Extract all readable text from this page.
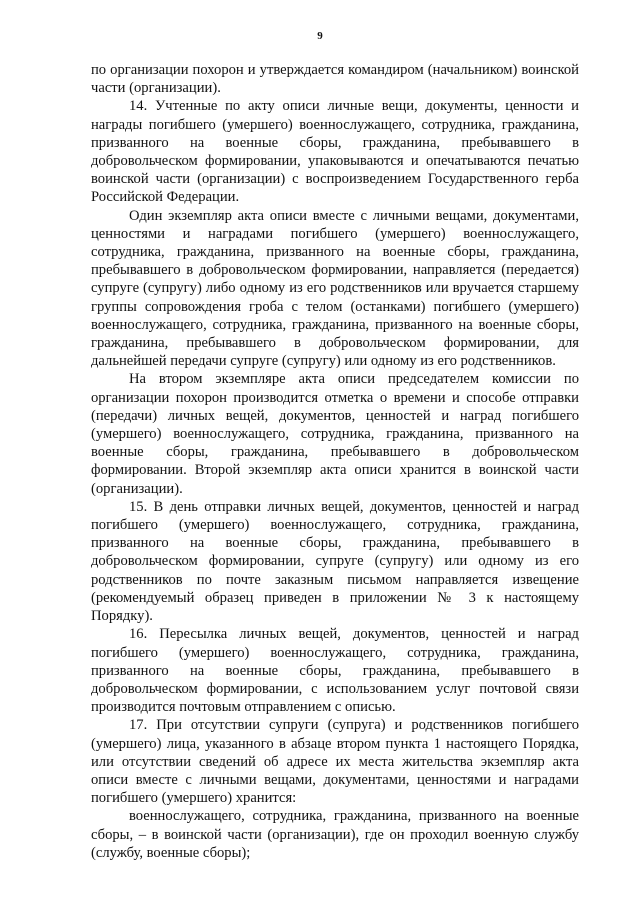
9

по организации похорон и утверждается командиром (начальником) воинской части (организации).

14. Учтенные по акту описи личные вещи, документы, ценности и награды погибшего (умершего) военнослужащего, сотрудника, гражданина, призванного на военные сборы, гражданина, пребывавшего в добровольческом формировании, упаковываются и опечатываются печатью воинской части (организации) с воспроизведением Государственного герба Российской Федерации.

Один экземпляр акта описи вместе с личными вещами, документами, ценностями и наградами погибшего (умершего) военнослужащего, сотрудника, гражданина, призванного на военные сборы, гражданина, пребывавшего в добровольческом формировании, направляется (передается) супруге (супругу) либо одному из его родственников или вручается старшему группы сопровождения гроба с телом (останками) погибшего (умершего) военнослужащего, сотрудника, гражданина, призванного на военные сборы, гражданина, пребывавшего в добровольческом формировании, для дальнейшей передачи супруге (супругу) или одному из его родственников.

На втором экземпляре акта описи председателем комиссии по организации похорон производится отметка о времени и способе отправки (передачи) личных вещей, документов, ценностей и наград погибшего (умершего) военнослужащего, сотрудника, гражданина, призванного на военные сборы, гражданина, пребывавшего в добровольческом формировании. Второй экземпляр акта описи хранится в воинской части (организации).

15. В день отправки личных вещей, документов, ценностей и наград погибшего (умершего) военнослужащего, сотрудника, гражданина, призванного на военные сборы, гражданина, пребывавшего в добровольческом формировании, супруге (супругу) или одному из его родственников по почте заказным письмом направляется извещение (рекомендуемый образец приведен в приложении № 3 к настоящему Порядку).

16. Пересылка личных вещей, документов, ценностей и наград погибшего (умершего) военнослужащего, сотрудника, гражданина, призванного на военные сборы, гражданина, пребывавшего в добровольческом формировании, с использованием услуг почтовой связи производится почтовым отправлением с описью.

17. При отсутствии супруги (супруга) и родственников погибшего (умершего) лица, указанного в абзаце втором пункта 1 настоящего Порядка, или отсутствии сведений об адресе их места жительства экземпляр акта описи вместе с личными вещами, документами, ценностями и наградами погибшего (умершего) хранится:

военнослужащего, сотрудника, гражданина, призванного на военные сборы, – в воинской части (организации), где он проходил военную службу (службу, военные сборы);
